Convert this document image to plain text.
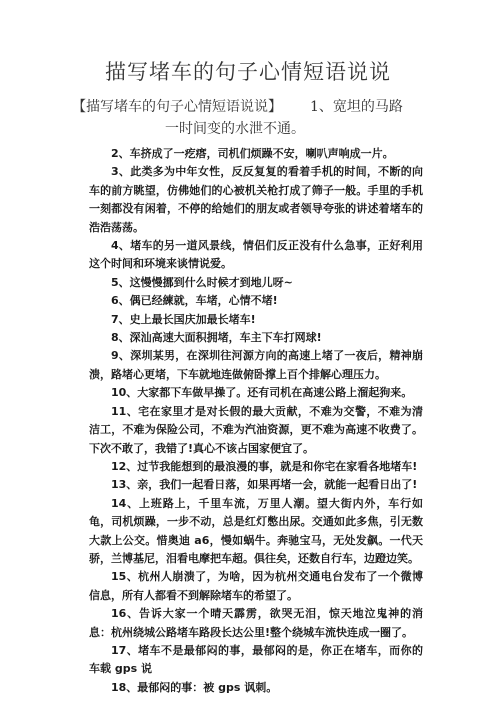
描写堵车的句子心情短语说说
【描写堵车的句子心情短语说说】 1、宽坦的马路
一时间变的水泄不通。

2、车挤成了一疙瘩，司机们烦躁不安，喇叭声响成一片。

3、此类多为中年女性，反反复复的看着手机的时间，不断的向车的前方眺望，仿佛她们的心被机关枪打成了筛子一般。手里的手机一刻都没有闲着，不停的给她们的朋友或者领导夸张的讲述着堵车的浩浩荡荡。

4、堵车的另一道风景线，情侣们反正没有什么急事，正好利用这个时间和环境来谈情说爱。

5、这慢慢挪到什么时候才到地儿呀~

6、偶已经練就，车堵，心情不堵!

7、史上最长国庆加最长堵车!

8、深汕高速大面积拥堵，车主下车打网球!

9、深圳某男，在深圳往河源方向的高速上堵了一夜后，精神崩溃，路堵心更堵，下车就地连做俯卧撑上百个排解心理压力。

10、大家都下车做早操了。还有司机在高速公路上溜起狗来。

11、宅在家里才是对长假的最大贡献，不难为交警，不难为清洁工，不难为保险公司，不难为汽油资源，更不难为高速不收费了。下次不敢了，我错了!真心不该占国家便宜了。

12、过节我能想到的最浪漫的事，就是和你宅在家看各地堵车!

13、亲，我们一起看日落，如果再堵一会，就能一起看日出了!

14、上班路上，千里车流，万里人潮。望大街内外，车行如龟，司机烦躁，一步不动，总是红灯憋出尿。交通如此多焦，引无数大款上公交。惜奥迪 a6，慢如蜗牛。奔驰宝马，无处发飙。一代天骄，兰博基尼，泪看电摩把车超。俱往矣，还数自行车，边蹬边笑。

15、杭州人崩溃了，为啥，因为杭州交通电台发布了一个微博信息，所有人都看不到解除堵车的希望了。

16、告诉大家一个晴天霹雳，欲哭无泪，惊天地泣鬼神的消息：杭州绕城公路堵车路段长达公里!整个绕城车流快连成一圈了。

17、堵车不是最郁闷的事，最郁闷的是，你正在堵车，而你的车载 gps 说

18、最郁闷的事：被 gps 讽刺。
